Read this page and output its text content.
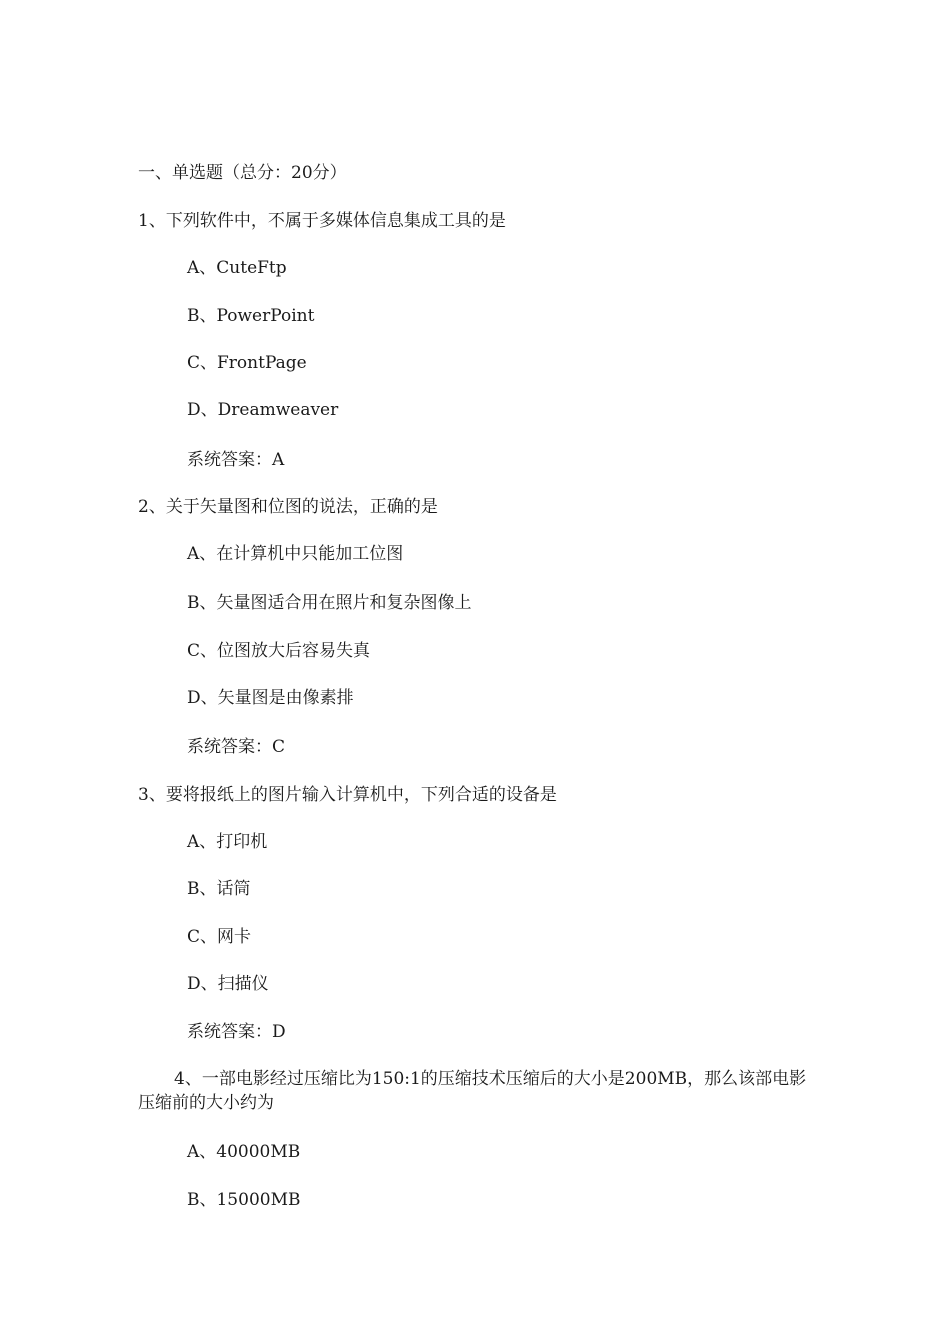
一、单选题（总分：20分）
1、下列软件中，不属于多媒体信息集成工具的是
A、CuteFtp
B、PowerPoint
C、FrontPage
D、Dreamweaver
系统答案：A
2、关于矢量图和位图的说法，正确的是
A、在计算机中只能加工位图
B、矢量图适合用在照片和复杂图像上
C、位图放大后容易失真
D、矢量图是由像素排
系统答案：C
3、要将报纸上的图片输入计算机中，下列合适的设备是
A、打印机
B、话筒
C、网卡
D、扫描仪
系统答案：D
4、一部电影经过压缩比为150:1的压缩技术压缩后的大小是200MB，那么该部电影压缩前的大小约为
A、40000MB
B、15000MB
